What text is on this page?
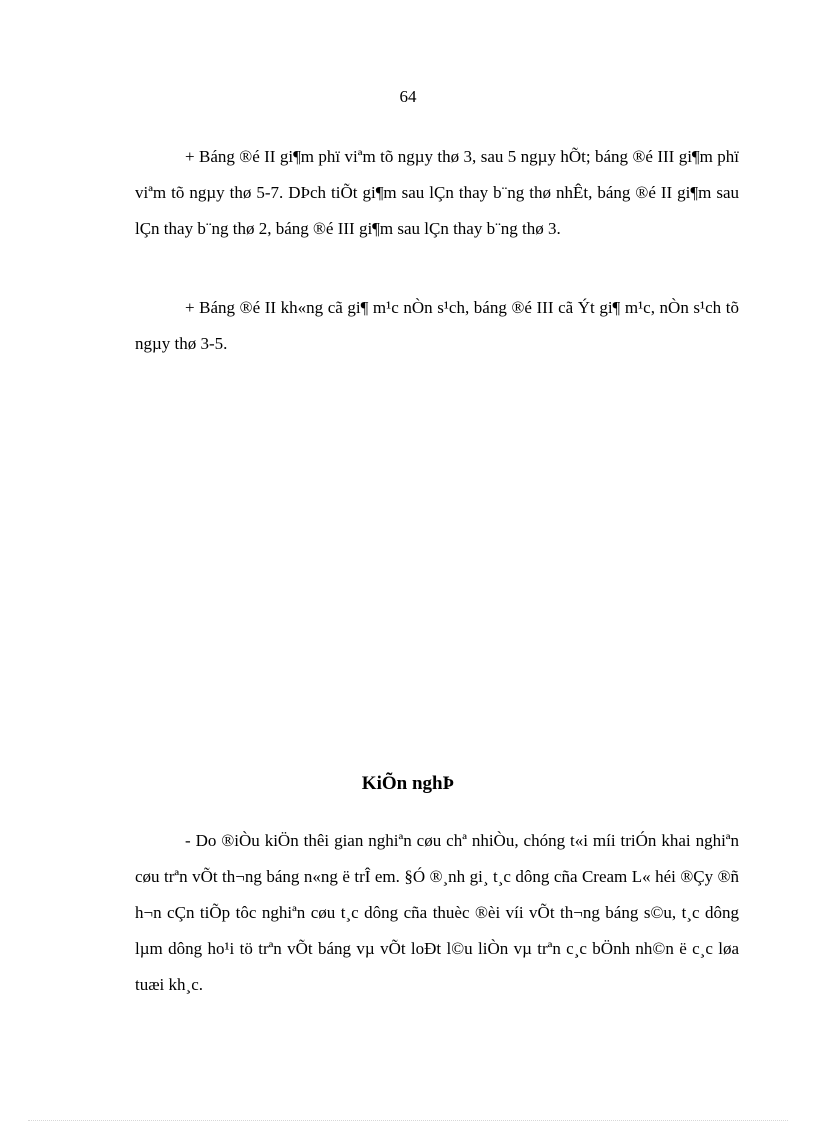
64

+ Báng ®é II gi¶m phï viªm tõ ngµy thø 3, sau 5 ngµy hÕt; báng ®é III gi¶m phï viªm tõ ngµy thø 5-7. DÞch tiÕt gi¶m sau lÇn thay b¨ng thø nhÊt, báng ®é II gi¶m sau lÇn thay b¨ng thø 2, báng ®é III gi¶m sau lÇn thay b¨ng thø 3.

+ Báng ®é II kh«ng cã gi¶ m¹c nÒn s¹ch, báng ®é III cã Ýt gi¶ m¹c, nÒn s¹ch tõ ngµy thø 3-5.

KiÕn nghÞ

- Do ®iÒu kiÖn thêi gian nghiªn cøu chª nhiÒu, chóng t«i míi triÓn khai nghiªn cøu trªn vÕt th¬ng báng n«ng ë trÎ em. §Ó ®¸nh gi¸ t¸c dông cña Cream L« héi ®Çy ®ñ h¬n cÇn tiÕp tôc nghiªn cøu t¸c dông cña thuèc ®èi víi vÕt th¬ng báng s©u, t¸c dông lµm dông ho¹i tö trªn vÕt báng vµ vÕt loÐt l©u liÒn vµ trªn c¸c bÖnh nh©n ë c¸c løa tuæi kh¸c.
